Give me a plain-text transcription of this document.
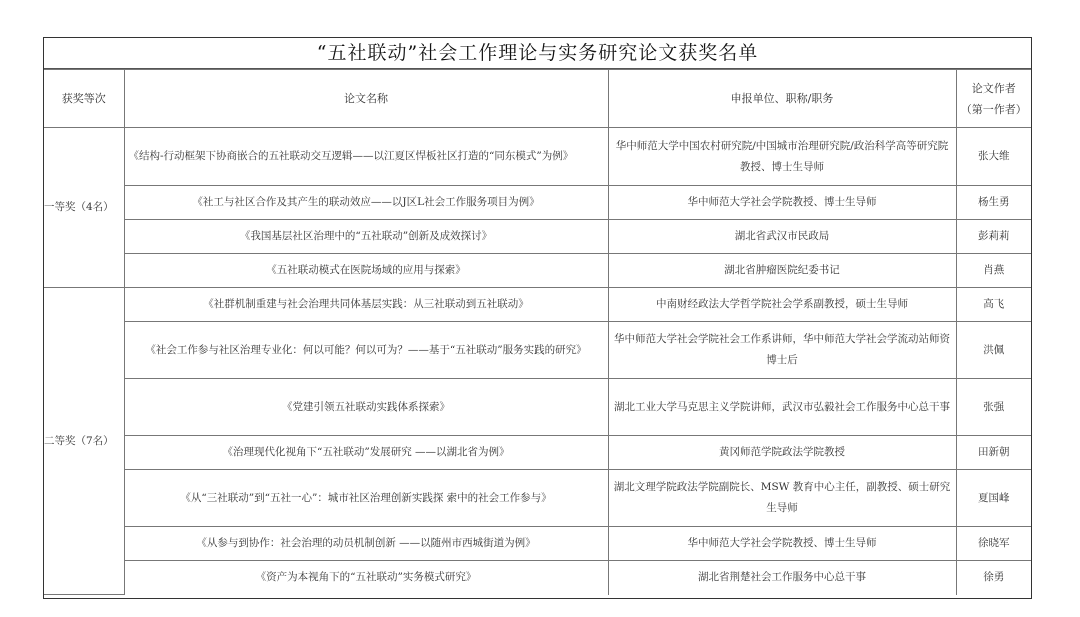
“五社联动”社会工作理论与实务研究论文获奖名单
获奖等次	论文名称	申报单位、职称/职务	论文作者
（第一作者）

一等奖（4名）	《结构-行动框架下协商嵌合的五社联动交互逻辑——以江夏区悍板社区打造的“同东模式”为例》	华中师范大学中国农村研究院/中国城市治理研究院/政治科学高等研究院教授、博士生导师	张大维
	《社工与社区合作及其产生的联动效应——以J区L社会工作服务项目为例》	华中师范大学社会学院教授、博士生导师	杨生勇
	《我国基层社区治理中的“五社联动”创新及成效探讨》	湖北省武汉市民政局	彭莉莉
	《五社联动模式在医院场域的应用与探索》	湖北省肿瘤医院纪委书记	肖燕
二等奖（7名）	《社群机制重建与社会治理共同体基层实践：从三社联动到五社联动》	中南财经政法大学哲学院社会学系副教授，硕士生导师	高飞
	《社会工作参与社区治理专业化：何以可能？何以可为？——基于“五社联动”服务实践的研究》	华中师范大学社会学院社会工作系讲师，华中师范大学社会学流动站师资博士后	洪佩
	《党建引领五社联动实践体系探索》	湖北工业大学马克思主义学院讲师，武汉市弘毅社会工作服务中心总干事	张强
	《治理现代化视角下“五社联动”发展研究 ——以湖北省为例》	黄冈师范学院政法学院教授	田新朝
	《从“三社联动”到“五社一心”：城市社区治理创新实践探 索中的社会工作参与》	湖北文理学院政法学院副院长、MSW 教育中心主任，副教授、硕士研究生导师	夏国峰
	《从参与到协作：社会治理的动员机制创新 ——以随州市西城街道为例》	华中师范大学社会学院教授、博士生导师	徐晓军
	《资产为本视角下的“五社联动”实务模式研究》	湖北省荆楚社会工作服务中心总干事	徐勇
